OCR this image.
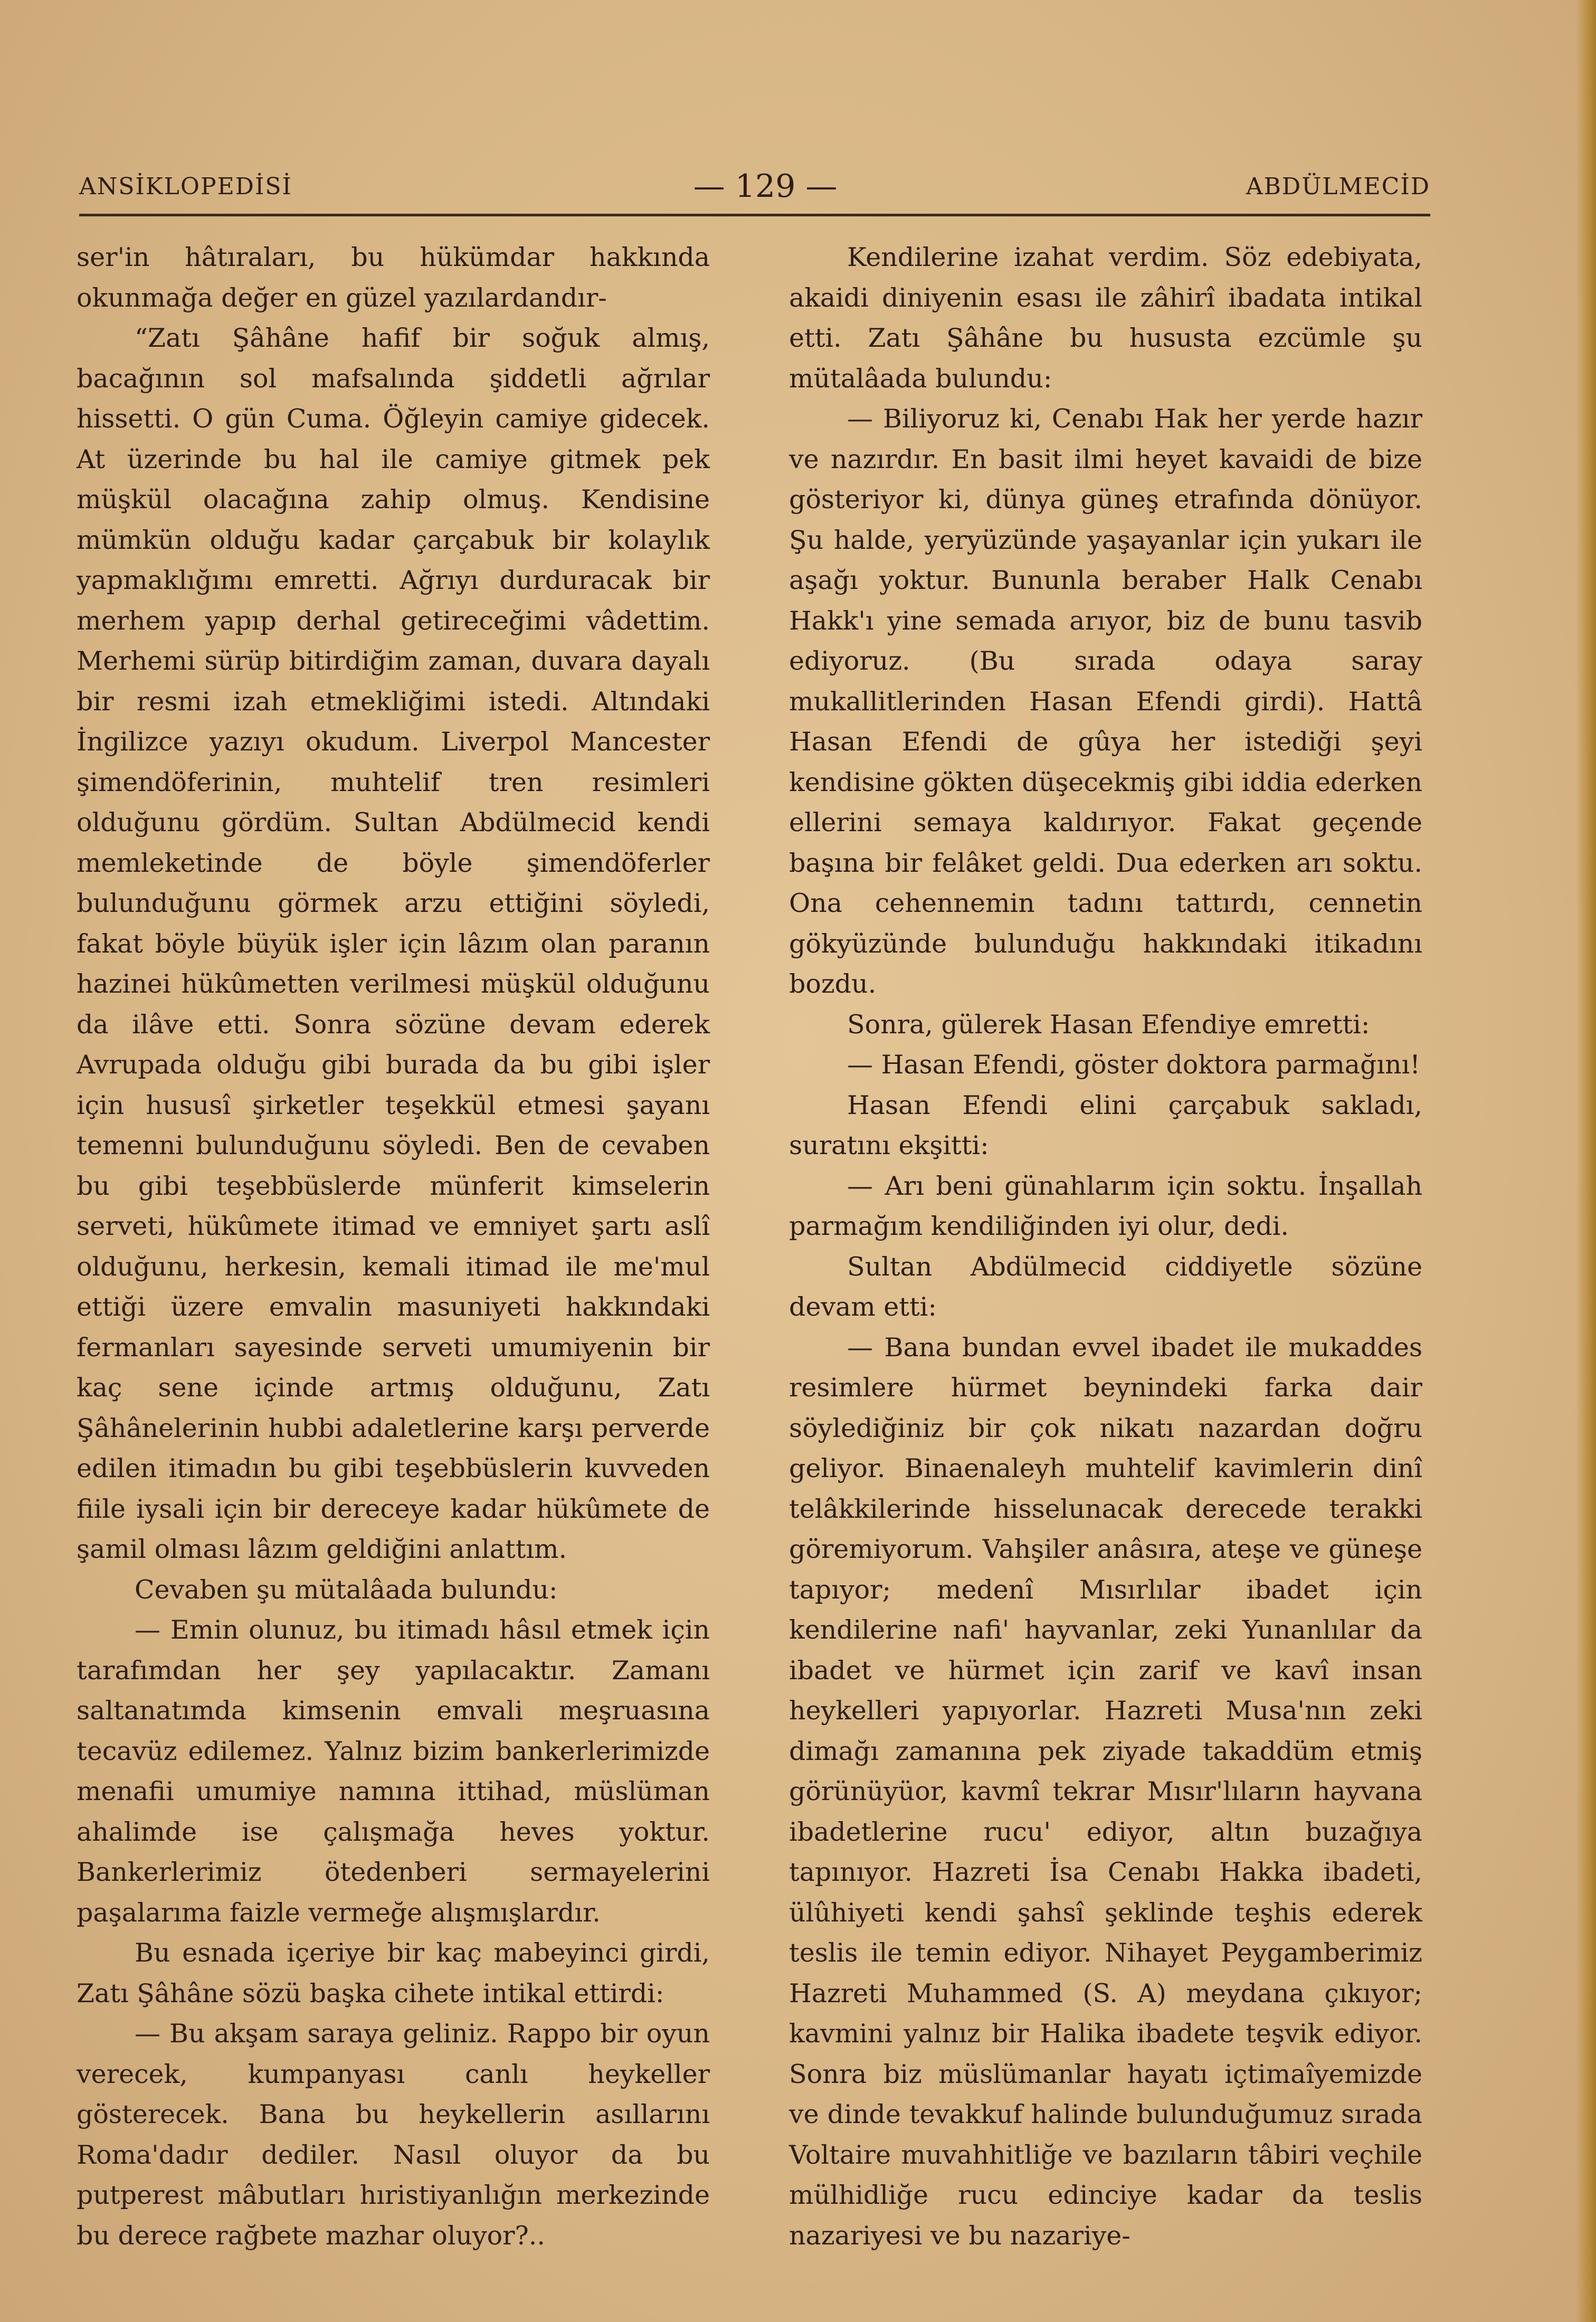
ANSİKLOPEDİSİ	— 129 —	ABDÜLMECİD

ser'in hâtıraları, bu hükümdar hakkında okunmağa değer en güzel yazılardandır-

“Zatı Şâhâne hafif bir soğuk almış, bacağının sol mafsalında şiddetli ağrılar hissetti. O gün Cuma. Öğleyin camiye gidecek. At üzerinde bu hal ile camiye gitmek pek müşkül olacağına zahip olmuş. Kendisine mümkün olduğu kadar çarçabuk bir kolaylık yapmaklığımı emretti. Ağrıyı durduracak bir merhem yapıp derhal getireceğimi vâdettim. Merhemi sürüp bitirdiğim zaman, duvara dayalı bir resmi izah etmekliğimi istedi. Altındaki İngilizce yazıyı okudum. Liverpol Mancester şimendöferinin, muhtelif tren resimleri olduğunu gördüm. Sultan Abdülmecid kendi memleketinde de böyle şimendöferler bulunduğunu görmek arzu ettiğini söyledi, fakat böyle büyük işler için lâzım olan paranın hazinei hükûmetten verilmesi müşkül olduğunu da ilâve etti. Sonra sözüne devam ederek Avrupada olduğu gibi burada da bu gibi işler için hususî şirketler teşekkül etmesi şayanı temenni bulunduğunu söyledi. Ben de cevaben bu gibi teşebbüslerde münferit kimselerin serveti, hükûmete itimad ve emniyet şartı aslî olduğunu, herkesin, kemali itimad ile me'mul ettiği üzere emvalin masuniyeti hakkındaki fermanları sayesinde serveti umumiyenin bir kaç sene içinde artmış olduğunu, Zatı Şâhânelerinin hubbi adaletlerine karşı perverde edilen itimadın bu gibi teşebbüslerin kuvveden fiile iysali için bir dereceye kadar hükûmete de şamil olması lâzım geldiğini anlattım.

Cevaben şu mütalâada bulundu:

— Emin olunuz, bu itimadı hâsıl etmek için tarafımdan her şey yapılacaktır. Zamanı saltanatımda kimsenin emvali meşruasına tecavüz edilemez. Yalnız bizim bankerlerimizde menafii umumiye namına ittihad, müslüman ahalimde ise çalışmağa heves yoktur. Bankerlerimiz ötedenberi sermayelerini paşalarıma faizle vermeğe alışmışlardır.

Bu esnada içeriye bir kaç mabeyinci girdi, Zatı Şâhâne sözü başka cihete intikal ettirdi:

— Bu akşam saraya geliniz. Rappo bir oyun verecek, kumpanyası canlı heykeller gösterecek. Bana bu heykellerin asıllarını Roma'dadır dediler. Nasıl oluyor da bu putperest mâbutları hıristiyanlığın merkezinde bu derece rağbete mazhar oluyor?..

Kendilerine izahat verdim. Söz edebiyata, akaidi diniyenin esası ile zâhirî ibadata intikal etti. Zatı Şâhâne bu hususta ezcümle şu mütalâada bulundu:

— Biliyoruz ki, Cenabı Hak her yerde hazır ve nazırdır. En basit ilmi heyet kavaidi de bize gösteriyor ki, dünya güneş etrafında dönüyor. Şu halde, yeryüzünde yaşayanlar için yukarı ile aşağı yoktur. Bununla beraber Halk Cenabı Hakk'ı yine semada arıyor, biz de bunu tasvib ediyoruz. (Bu sırada odaya saray mukallitlerinden Hasan Efendi girdi). Hattâ Hasan Efendi de gûya her istediği şeyi kendisine gökten düşecekmiş gibi iddia ederken ellerini semaya kaldırıyor. Fakat geçende başına bir felâket geldi. Dua ederken arı soktu. Ona cehennemin tadını tattırdı, cennetin gökyüzünde bulunduğu hakkındaki itikadını bozdu.

Sonra, gülerek Hasan Efendiye emretti:

— Hasan Efendi, göster doktora parmağını!

Hasan Efendi elini çarçabuk sakladı, suratını ekşitti:

— Arı beni günahlarım için soktu. İnşallah parmağım kendiliğinden iyi olur, dedi.

Sultan Abdülmecid ciddiyetle sözüne devam etti:

— Bana bundan evvel ibadet ile mukaddes resimlere hürmet beynindeki farka dair söylediğiniz bir çok nikatı nazardan doğru geliyor. Binaenaleyh muhtelif kavimlerin dinî telâkkilerinde hisselunacak derecede terakki göremiyorum. Vahşiler anâsıra, ateşe ve güneşe tapıyor; medenî Mısırlılar ibadet için kendilerine nafi' hayvanlar, zeki Yunanlılar da ibadet ve hürmet için zarif ve kavî insan heykelleri yapıyorlar. Hazreti Musa'nın zeki dimağı zamanına pek ziyade takaddüm etmiş görünüyüor, kavmî tekrar Mısır'lıların hayvana ibadetlerine rucu' ediyor, altın buzağıya tapınıyor. Hazreti İsa Cenabı Hakka ibadeti, ülûhiyeti kendi şahsî şeklinde teşhis ederek teslis ile temin ediyor. Nihayet Peygamberimiz Hazreti Muhammed (S. A) meydana çıkıyor; kavmini yalnız bir Halika ibadete teşvik ediyor. Sonra biz müslümanlar hayatı içtimaîyemizde ve dinde tevakkuf halinde bulunduğumuz sırada Voltaire muvahhitliğe ve bazıların tâbiri veçhile mülhidliğe rucu edinciye kadar da teslis nazariyesi ve bu nazariye-
